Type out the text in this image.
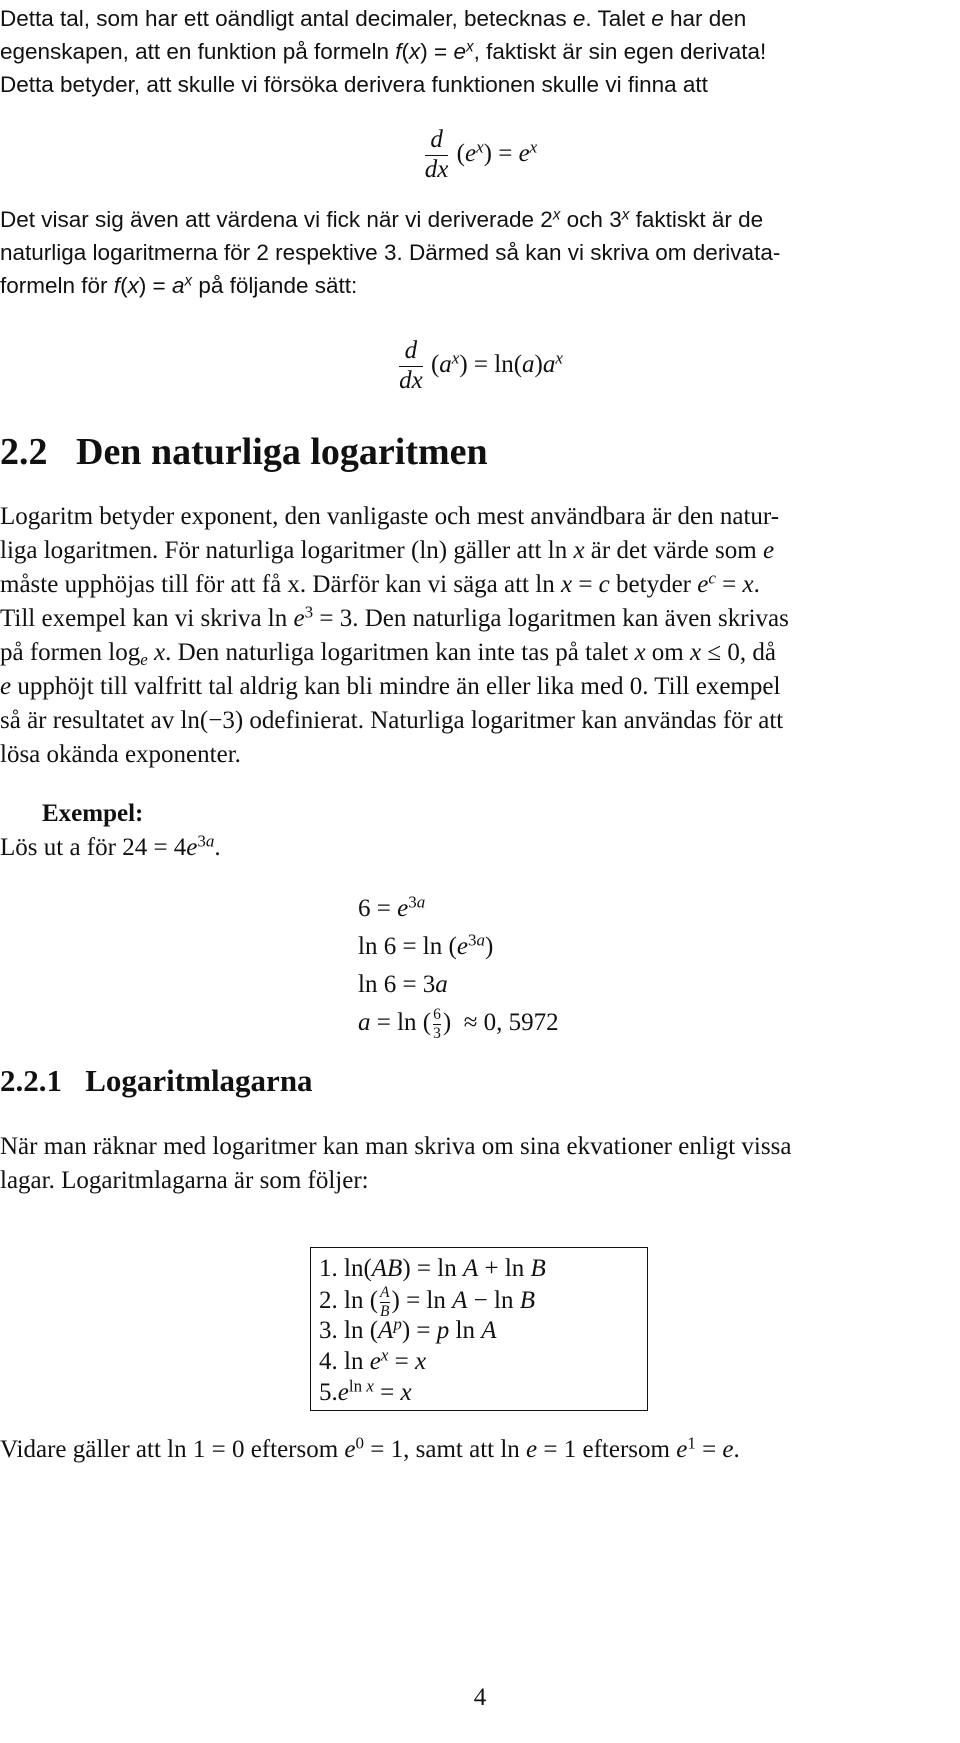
Detta tal, som har ett oändligt antal decimaler, betecknas e. Talet e har den
egenskapen, att en funktion på formeln $f(x) = e^x$, faktiskt är sin egen derivata!
Detta betyder, att skulle vi försöka derivera funktionen skulle vi finna att
$\frac{d}{dx} (e^x) = e^x$
Det visar sig även att värdena vi fick när vi deriverade 2$^x$ och 3$^x$ faktiskt är de
naturliga logaritmerna för 2 respektive 3. Därmed så kan vi skriva om derivata-
formeln för $f(x) = a^x$ på följande sätt:
$\frac{d}{dx} (a^x) = \ln(a)a^x$
2.2 Den naturliga logaritmen
Logaritm betyder exponent, den vanligaste och mest användbara är den natur-
liga logaritmen. För naturliga logaritmer (ln) gäller att ln x är det värde som e
måste upphöjas till för att få x. Därför kan vi säga att ln x = c betyder $e^c = x$.
Till exempel kan vi skriva $\ln e^3 = 3$. Den naturliga logaritmen kan även skrivas
på formen $\log_e x$. Den naturliga logaritmen kan inte tas på talet x om x ≤ 0, då
e upphöjt till valfritt tal aldrig kan bli mindre än eller lika med 0. Till exempel
så är resultatet av ln(−3) odefinierat. Naturliga logaritmer kan användas för att
lösa okända exponenter.
Exempel:
Lös ut a för $24 = 4e^{3a}$.
$6 = e^{3a}$
$\ln 6 = \ln (e^{3a})$
ln 6 = 3a
a = ln ( $\frac{6}{3}$ )  ≈ 0, 5972
2.2.1 Logaritmlagarna
När man räknar med logaritmer kan man skriva om sina ekvationer enligt vissa
lagar. Logaritmlagarna är som följer:
1. ln(AB) = ln A + ln B
2. ln ( $\frac{A}{B}$ ) = ln A − ln B
3. $\ln (A^p) = p$ ln A
4. $\ln e^x = x$
$5.e^{ln x} = x$
Vidare gäller att ln 1 = 0 eftersom $e^0 = 1$, samt att ln e = 1 eftersom $e^1 = e$.
4
